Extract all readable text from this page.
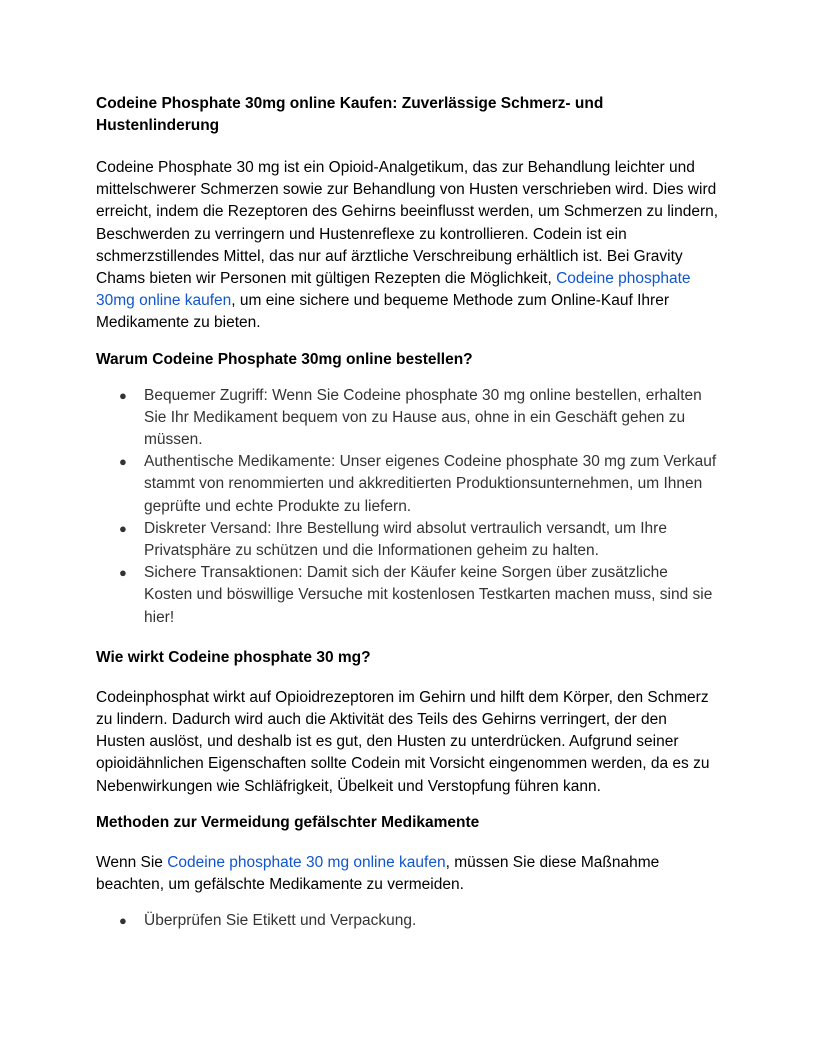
Codeine Phosphate 30mg online Kaufen: Zuverlässige Schmerz- und Hustenlinderung

Codeine Phosphate 30 mg ist ein Opioid-Analgetikum, das zur Behandlung leichter und mittelschwerer Schmerzen sowie zur Behandlung von Husten verschrieben wird. Dies wird erreicht, indem die Rezeptoren des Gehirns beeinflusst werden, um Schmerzen zu lindern, Beschwerden zu verringern und Hustenreflexe zu kontrollieren. Codein ist ein schmerzstillendes Mittel, das nur auf ärztliche Verschreibung erhältlich ist. Bei Gravity Chams bieten wir Personen mit gültigen Rezepten die Möglichkeit, Codeine phosphate 30mg online kaufen, um eine sichere und bequeme Methode zum Online-Kauf Ihrer Medikamente zu bieten.

Warum Codeine Phosphate 30mg online bestellen?
● Bequemer Zugriff: Wenn Sie Codeine phosphate 30 mg online bestellen, erhalten Sie Ihr Medikament bequem von zu Hause aus, ohne in ein Geschäft gehen zu müssen.
● Authentische Medikamente: Unser eigenes Codeine phosphate 30 mg zum Verkauf stammt von renommierten und akkreditierten Produktionsunternehmen, um Ihnen geprüfte und echte Produkte zu liefern.
● Diskreter Versand: Ihre Bestellung wird absolut vertraulich versandt, um Ihre Privatsphäre zu schützen und die Informationen geheim zu halten.
● Sichere Transaktionen: Damit sich der Käufer keine Sorgen über zusätzliche Kosten und böswillige Versuche mit kostenlosen Testkarten machen muss, sind sie hier!
Wie wirkt Codeine phosphate 30 mg?

Codeinphosphat wirkt auf Opioidrezeptoren im Gehirn und hilft dem Körper, den Schmerz zu lindern. Dadurch wird auch die Aktivität des Teils des Gehirns verringert, der den Husten auslöst, und deshalb ist es gut, den Husten zu unterdrücken. Aufgrund seiner opioidähnlichen Eigenschaften sollte Codein mit Vorsicht eingenommen werden, da es zu Nebenwirkungen wie Schläfrigkeit, Übelkeit und Verstopfung führen kann.

Methoden zur Vermeidung gefälschter Medikamente

Wenn Sie Codeine phosphate 30 mg online kaufen, müssen Sie diese Maßnahme beachten, um gefälschte Medikamente zu vermeiden.

● Überprüfen Sie Etikett und Verpackung.
